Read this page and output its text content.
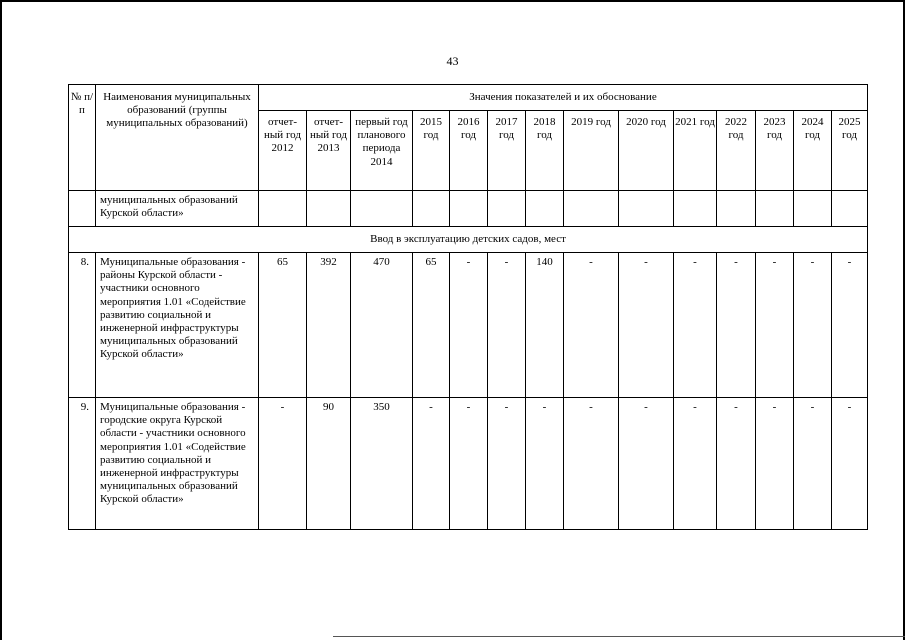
43
№ п/п	Наименования муниципальных образований (группы муниципальных образований)	Значения показателей и их обоснование													
		отчет-ный год 2012	отчет-ный год 2013	первый год планового периода 2014	2015 год	2016 год	2017 год	2018 год	2019 год	2020 год	2021 год	2022 год	2023 год	2024 год	2025 год
	муниципальных образований Курской области»														
Ввод в эксплуатацию детских садов, мест															
8.	Муниципальные образования - районы Курской области - участники основного мероприятия 1.01 «Содействие развитию социальной и инженерной инфраструктуры муниципальных образований Курской области»	65	392	470	65	-	-	140	-	-	-	-	-	-	-
9.	Муниципальные образования - городские округа Курской области - участники основного мероприятия 1.01 «Содействие развитию социальной и инженерной инфраструктуры муниципальных образований Курской области»	-	90	350	-	-	-	-	-	-	-	-	-	-	-
